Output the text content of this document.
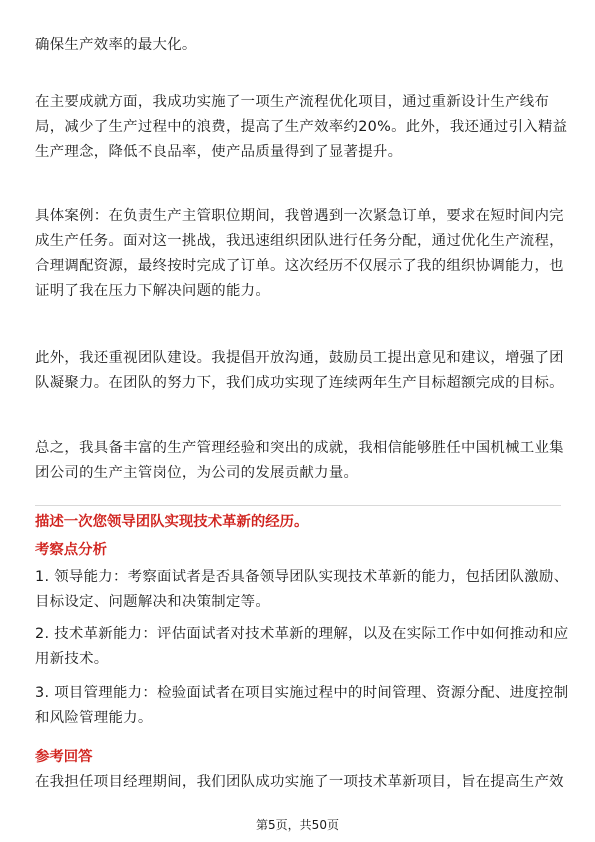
确保生产效率的最大化。
在主要成就方面，我成功实施了一项生产流程优化项目，通过重新设计生产线布
局，减少了生产过程中的浪费，提高了生产效率约20%。此外，我还通过引入精益
生产理念，降低不良品率，使产品质量得到了显著提升。
具体案例：在负责生产主管职位期间，我曾遇到一次紧急订单，要求在短时间内完
成生产任务。面对这一挑战，我迅速组织团队进行任务分配，通过优化生产流程，
合理调配资源，最终按时完成了订单。这次经历不仅展示了我的组织协调能力，也
证明了我在压力下解决问题的能力。
此外，我还重视团队建设。我提倡开放沟通，鼓励员工提出意见和建议，增强了团
队凝聚力。在团队的努力下，我们成功实现了连续两年生产目标超额完成的目标。
总之，我具备丰富的生产管理经验和突出的成就，我相信能够胜任中国机械工业集
团公司的生产主管岗位，为公司的发展贡献力量。
描述一次您领导团队实现技术革新的经历。
考察点分析
1. 领导能力：考察面试者是否具备领导团队实现技术革新的能力，包括团队激励、
目标设定、问题解决和决策制定等。
2. 技术革新能力：评估面试者对技术革新的理解，以及在实际工作中如何推动和应
用新技术。
3. 项目管理能力：检验面试者在项目实施过程中的时间管理、资源分配、进度控制
和风险管理能力。
参考回答
在我担任项目经理期间，我们团队成功实施了一项技术革新项目，旨在提高生产效
第5页，共50页
